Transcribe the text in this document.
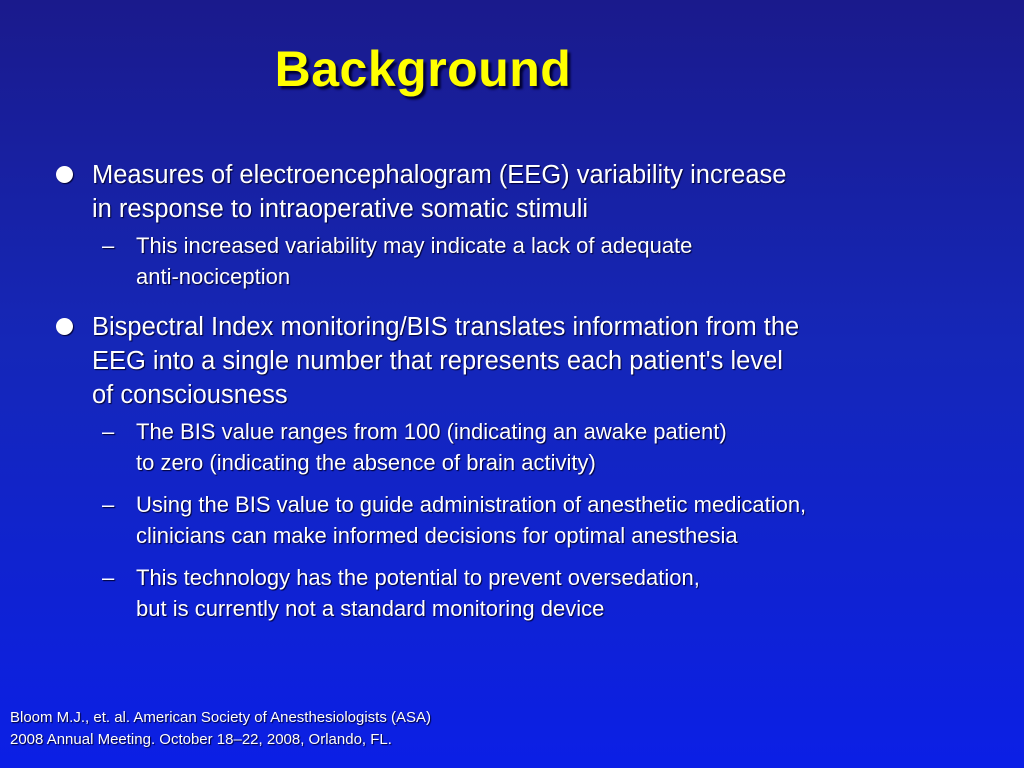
Background
Measures of electroencephalogram (EEG) variability increase
in response to intraoperative somatic stimuli
– This increased variability may indicate a lack of adequate
anti-nociception
Bispectral Index monitoring/BIS translates information from the
EEG into a single number that represents each patient's level
of consciousness
– The BIS value ranges from 100 (indicating an awake patient)
to zero (indicating the absence of brain activity)
– Using the BIS value to guide administration of anesthetic medication,
clinicians can make informed decisions for optimal anesthesia
– This technology has the potential to prevent oversedation,
but is currently not a standard monitoring device
Bloom M.J., et. al. American Society of Anesthesiologists (ASA)
2008 Annual Meeting. October 18–22, 2008, Orlando, FL.
